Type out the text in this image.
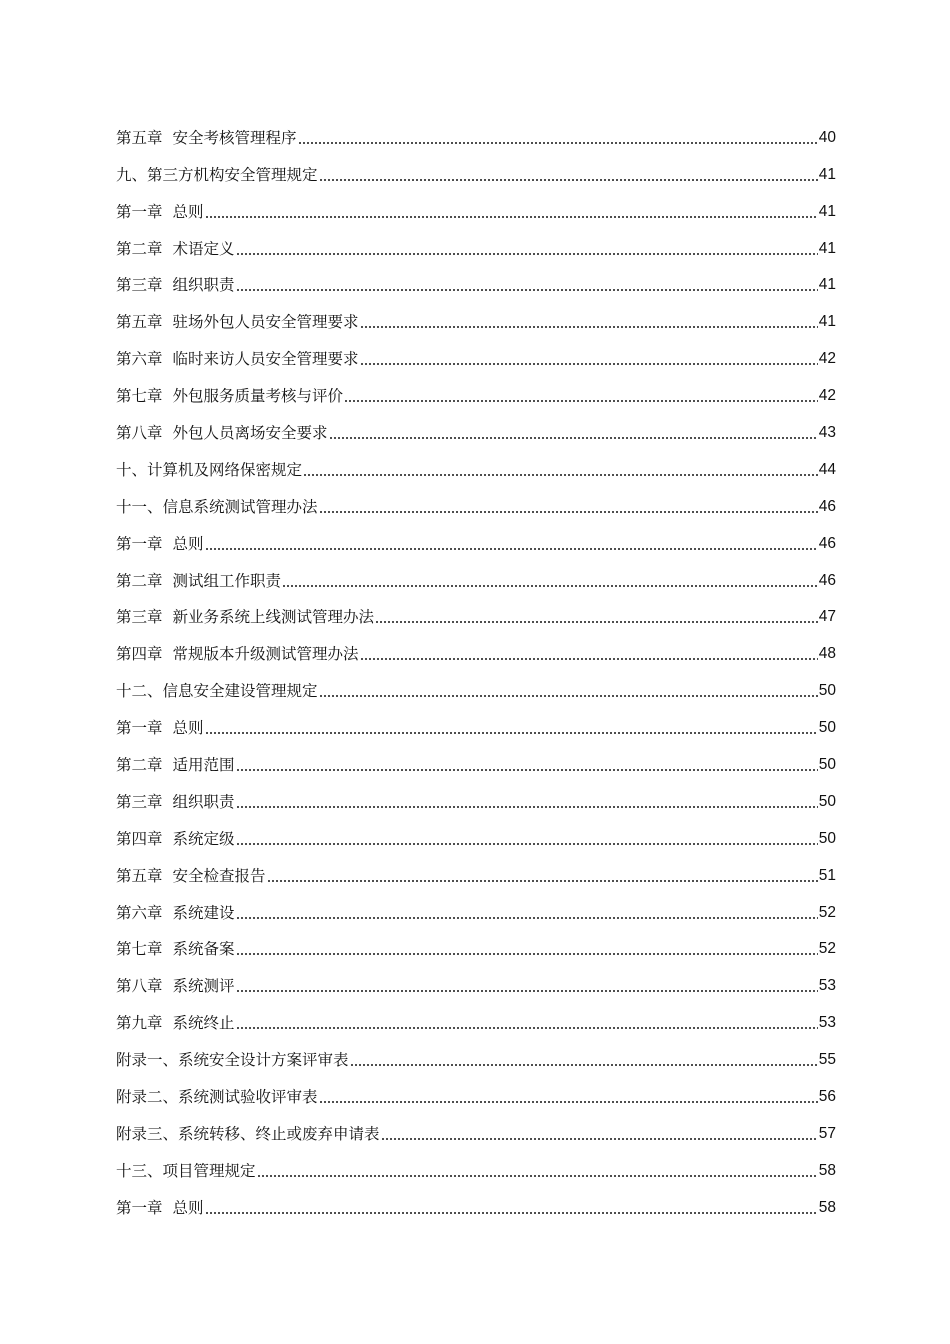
第五章 安全考核管理程序	40
九、第三方机构安全管理规定	41
第一章 总则	41
第二章 术语定义	41
第三章 组织职责	41
第五章 驻场外包人员安全管理要求	41
第六章 临时来访人员安全管理要求	42
第七章 外包服务质量考核与评价	42
第八章 外包人员离场安全要求	43
十、计算机及网络保密规定	44
十一、信息系统测试管理办法	46
第一章 总则	46
第二章 测试组工作职责	46
第三章 新业务系统上线测试管理办法	47
第四章 常规版本升级测试管理办法	48
十二、信息安全建设管理规定	50
第一章 总则	50
第二章 适用范围	50
第三章 组织职责	50
第四章 系统定级	50
第五章 安全检查报告	51
第六章 系统建设	52
第七章 系统备案	52
第八章 系统测评	53
第九章 系统终止	53
附录一、系统安全设计方案评审表	55
附录二、系统测试验收评审表	56
附录三、系统转移、终止或废弃申请表	57
十三、项目管理规定	58
第一章 总则	58
